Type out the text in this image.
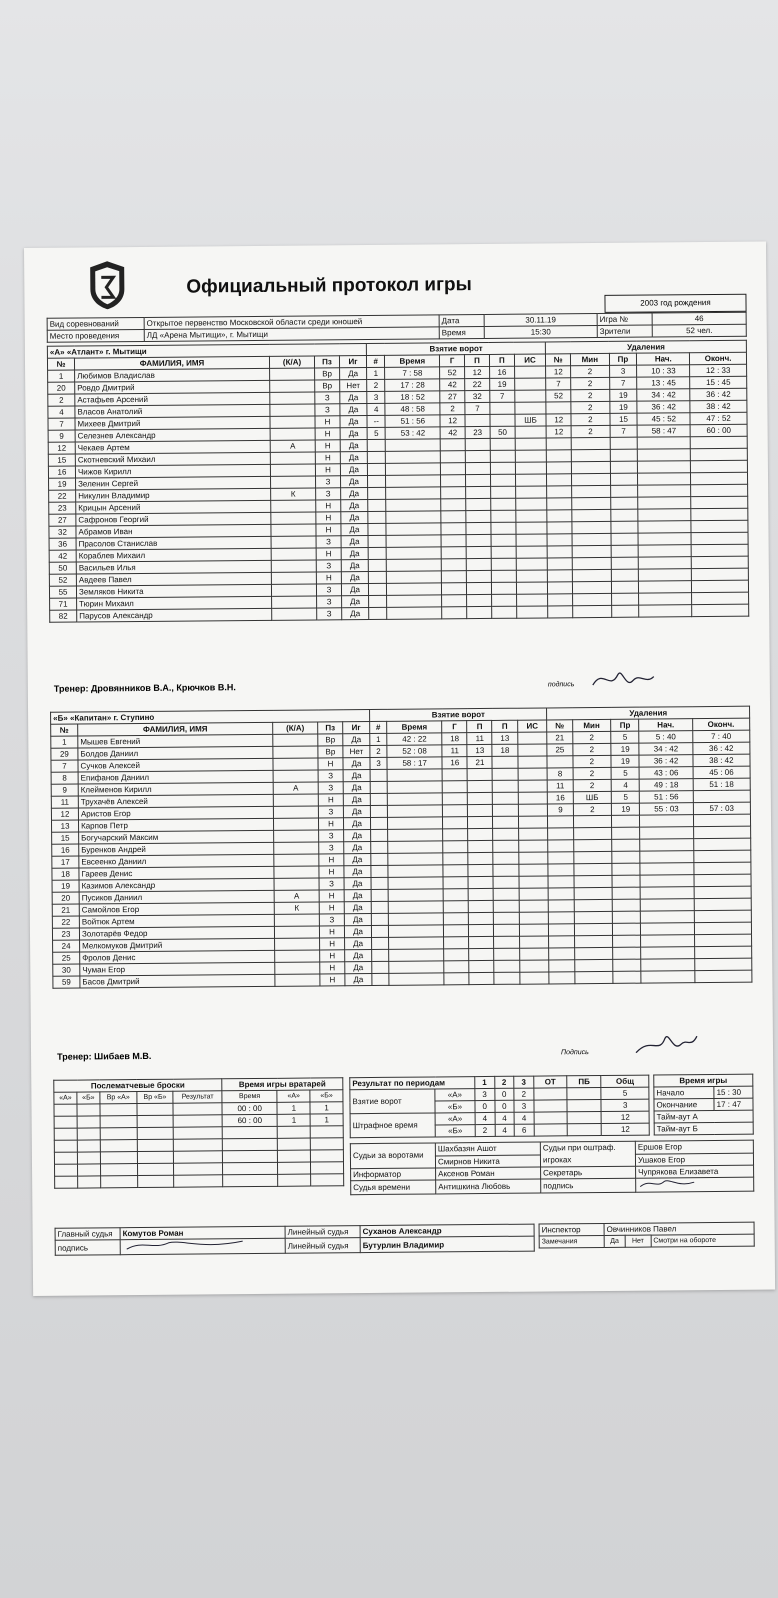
Официальный протокол игры
2003 год рождения
Вид соревнований	Открытое первенство Московской области среди юношей	Дата	30.11.19	Игра №	46
Место проведения	ЛД «Арена Мытищи», г. Мытищи	Время	15:30	Зрители	52 чел.
«А» «Атлант» г. Мытищи					Взятие ворот						Удаления				
№	ФАМИЛИЯ, ИМЯ	(К/А)	Пз	Иг	#	Время	Г	П	П	ИС	№	Мин	Пр	Нач.	Оконч.
1	Любимов Владислав		Вр	Да	1	7 : 58	52	12	16		12	2	3	10 : 33	12 : 33
20	Ровдо Дмитрий		Вр	Нет	2	17 : 28	42	22	19		7	2	7	13 : 45	15 : 45
2	Астафьев Арсений		З	Да	3	18 : 52	27	32	7		52	2	19	34 : 42	36 : 42
4	Власов Анатолий		З	Да	4	48 : 58	2	7				2	19	36 : 42	38 : 42
7	Михеев Дмитрий		Н	Да	--	51 : 56	12			ШБ	12	2	15	45 : 52	47 : 52
9	Селезнев Александр		Н	Да	5	53 : 42	42	23	50		12	2	7	58 : 47	60 : 00
12	Чекаев Артем	А	Н	Да											
15	Скотневский Михаил		Н	Да											
16	Чижов Кирилл		Н	Да											
19	Зеленин Сергей		З	Да											
22	Никулин Владимир	К	З	Да											
23	Крицын Арсений		Н	Да											
27	Сафронов Георгий		Н	Да											
32	Абрамов Иван		Н	Да											
36	Прасолов Станислав		З	Да											
42	Кораблев Михаил		Н	Да											
50	Васильев Илья		З	Да											
52	Авдеев Павел		Н	Да											
55	Земляков Никита		З	Да											
71	Тюрин Михаил		З	Да											
82	Парусов Александр		З	Да											
Тренер: Дровянников В.А., Крючков В.Н.	подпись
«Б» «Капитан» г. Ступино					Взятие ворот						Удаления				
№	ФАМИЛИЯ, ИМЯ	(К/А)	Пз	Иг	#	Время	Г	П	П	ИС	№	Мин	Пр	Нач.	Оконч.
1	Мышев Евгений		Вр	Да	1	42 : 22	18	11	13		21	2	5	5 : 40	7 : 40
29	Болдов Даниил		Вр	Нет	2	52 : 08	11	13	18		25	2	19	34 : 42	36 : 42
7	Сучков Алексей		Н	Да	3	58 : 17	16	21				2	19	36 : 42	38 : 42
8	Епифанов Даниил		З	Да							8	2	5	43 : 06	45 : 06
9	Клейменов Кирилл	А	З	Да							11	2	4	49 : 18	51 : 18
11	Трухачёв Алексей		Н	Да							16	ШБ	5	51 : 56	
12	Аристов Егор		З	Да							9	2	19	55 : 03	57 : 03
13	Карпов Петр		Н	Да											
15	Богучарский Максим		З	Да											
16	Буренков Андрей		З	Да											
17	Евсеенко Даниил		Н	Да											
18	Гареев Денис		Н	Да											
19	Казимов Александр		З	Да											
20	Пусиков Даниил	А	Н	Да											
21	Самойлов Егор	К	Н	Да											
22	Войтюк Артем		З	Да											
23	Золотарёв Федор		Н	Да											
24	Мелкомуков Дмитрий		Н	Да											
25	Фролов Денис		Н	Да											
30	Чуман Егор		Н	Да											
59	Басов Дмитрий		Н	Да											
Тренер: Шибаев М.В.	Подпись
Послематчевые броски					Время игры вратарей		
«А»	«Б»	Вр «А»	Вр «Б»	Результат	Время	«А»	«Б»
					00 : 00	1	1
					60 : 00	1	1

Результат по периодам		1	2	3	ОТ	ПБ	Общ
Взятие ворот	«А»	3	0	2			5
	«Б»	0	0	3			3
Штрафное время	«А»	4	4	4			12
	«Б»	2	4	6			12
Время игры	
Начало	15 : 30
Окончание	17 : 47
Тайм-аут А	
Тайм-аут Б	
Судьи за воротами	Шахбазян Ашот	Судьи при оштраф. игроках	Ершов Егор
	Смирнов Никита		Ушаков Егор
Информатор	Аксенов Роман	Секретарь	Чупрякова Елизавета
Судья времени	Антишкина Любовь	подпись	
Главный судья	Комутов Роман	Линейный судья	Суханов Александр
подпись		Линейный судья	Бутурлин Владимир
Инспектор	Овчинников Павел		
Замечания	Да	Нет	Смотри на обороте
